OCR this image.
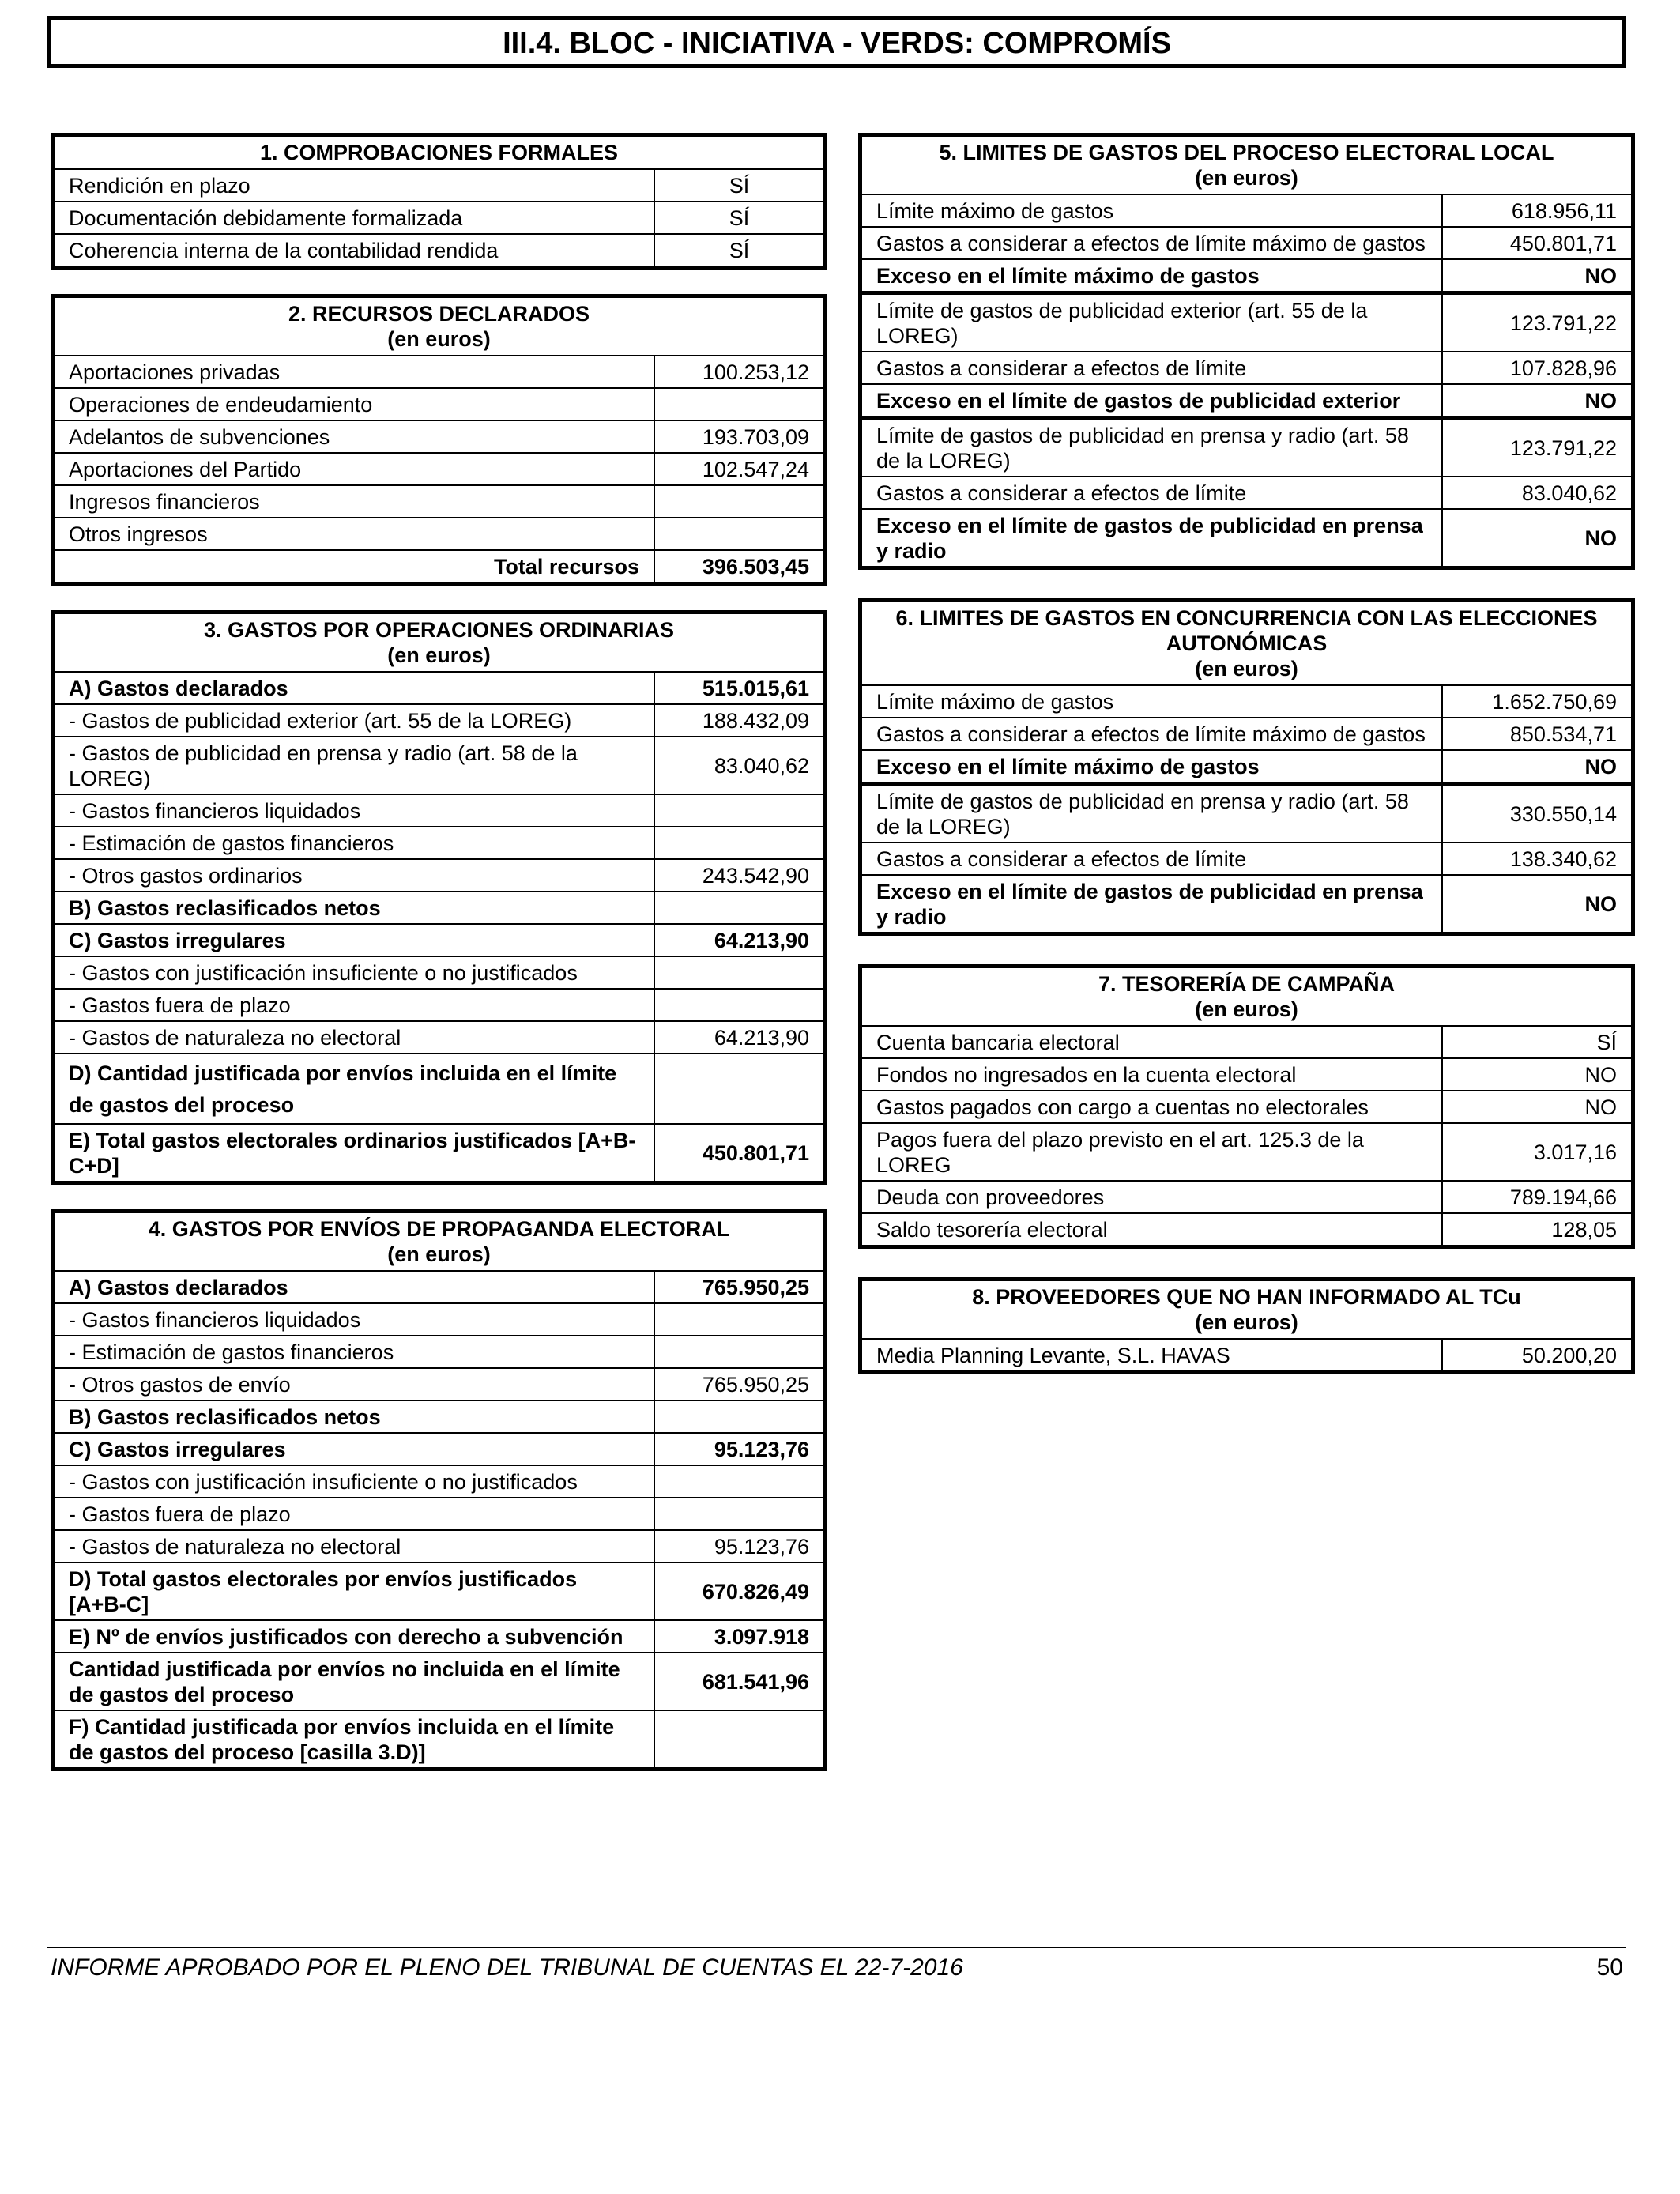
III.4. BLOC - INICIATIVA - VERDS: COMPROMÍS
1. COMPROBACIONES FORMALES	
Rendición en plazo	SÍ
Documentación debidamente formalizada	SÍ
Coherencia interna de la contabilidad rendida	SÍ
2. RECURSOS DECLARADOS
(en euros)	

Aportaciones privadas	100.253,12
Operaciones de endeudamiento	
Adelantos de subvenciones	193.703,09
Aportaciones del Partido	102.547,24
Ingresos financieros	
Otros ingresos	
Total recursos	396.503,45
3. GASTOS POR OPERACIONES ORDINARIAS
(en euros)	

A) Gastos declarados	515.015,61
- Gastos de publicidad exterior (art. 55 de la LOREG)	188.432,09
- Gastos de publicidad en prensa y radio (art. 58 de la LOREG)	83.040,62
- Gastos financieros liquidados	
- Estimación de gastos financieros	
- Otros gastos ordinarios	243.542,90
B) Gastos reclasificados netos	
C) Gastos irregulares	64.213,90
- Gastos con justificación insuficiente o no justificados	
- Gastos fuera de plazo	
- Gastos de naturaleza no electoral	64.213,90
D) Cantidad justificada por envíos incluida en el límite de gastos del proceso	
E) Total gastos electorales ordinarios justificados [A+B-C+D]	450.801,71
4. GASTOS POR ENVÍOS DE PROPAGANDA ELECTORAL
(en euros)	

A) Gastos declarados	765.950,25
- Gastos financieros liquidados	
- Estimación de gastos financieros	
- Otros gastos de envío	765.950,25
B) Gastos reclasificados netos	
C) Gastos irregulares	95.123,76
- Gastos con justificación insuficiente o no justificados	
- Gastos fuera de plazo	
- Gastos de naturaleza no electoral	95.123,76
D) Total gastos electorales por envíos justificados [A+B-C]	670.826,49
E) Nº de envíos justificados con derecho a subvención	3.097.918
Cantidad justificada por envíos no incluida en el límite de gastos del proceso	681.541,96
F) Cantidad justificada por envíos incluida en el límite de gastos del proceso [casilla 3.D)]	
5. LIMITES DE GASTOS DEL PROCESO ELECTORAL LOCAL
(en euros)	

Límite máximo de gastos	618.956,11
Gastos a considerar a efectos de límite máximo de gastos	450.801,71
Exceso en el límite máximo de gastos	NO
Límite de gastos de publicidad exterior (art. 55 de la LOREG)	123.791,22
Gastos a considerar a efectos de límite	107.828,96
Exceso en el límite de gastos de publicidad exterior	NO
Límite de gastos de publicidad en prensa y radio (art. 58 de la LOREG)	123.791,22
Gastos a considerar a efectos de límite	83.040,62
Exceso en el límite de gastos de publicidad en prensa y radio	NO
6. LIMITES DE GASTOS EN CONCURRENCIA CON LAS ELECCIONES AUTONÓMICAS
(en euros)	

Límite máximo de gastos	1.652.750,69
Gastos a considerar a efectos de límite máximo de gastos	850.534,71
Exceso en el límite máximo de gastos	NO
Límite de gastos de publicidad en prensa y radio (art. 58 de la LOREG)	330.550,14
Gastos a considerar a efectos de límite	138.340,62
Exceso en el límite de gastos de publicidad en prensa y radio	NO
7. TESORERÍA DE CAMPAÑA
(en euros)	

Cuenta bancaria electoral	SÍ
Fondos no ingresados en la cuenta electoral	NO
Gastos pagados con cargo a cuentas no electorales	NO
Pagos fuera del plazo previsto en el art. 125.3 de la LOREG	3.017,16
Deuda con proveedores	789.194,66
Saldo tesorería electoral	128,05
8. PROVEEDORES QUE NO HAN INFORMADO AL TCu
(en euros)

Media Planning Levante, S.L. HAVAS	50.200,20
INFORME APROBADO POR EL PLENO DEL TRIBUNAL DE CUENTAS EL 22-7-2016	50
